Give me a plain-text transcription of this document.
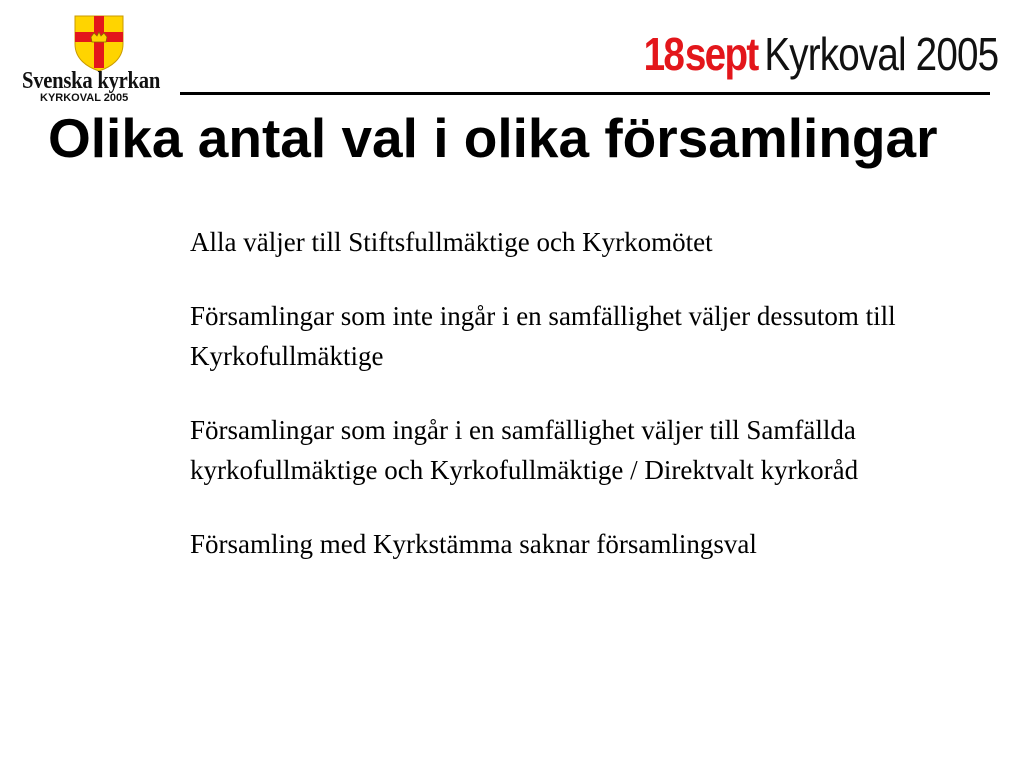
Svenska kyrkan
KYRKOVAL 2005
18 sept Kyrkoval 2005
Olika antal val i olika församlingar

Alla väljer till Stiftsfullmäktige och Kyrkomötet

Församlingar som inte ingår i en samfällighet väljer dessutom till Kyrkofullmäktige

Församlingar som ingår i en samfällighet väljer till Samfällda kyrkofullmäktige och Kyrkofullmäktige / Direktvalt kyrkoråd

Församling med Kyrkstämma saknar församlingsval
